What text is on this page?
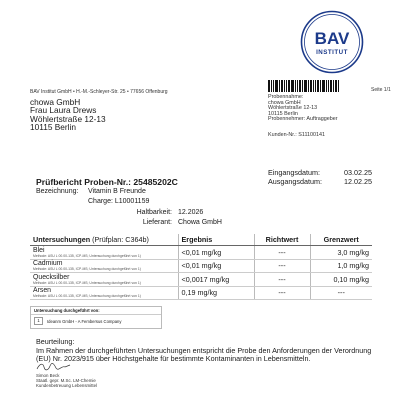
BAV
INSTITUT
BAV Institut GmbH • H.-M.-Schleyer-Str. 25 • 77656 Offenburg	Seite 1/1
chowa GmbH
Frau Laura Drews
Wöhlertstraße 12-13
10115 Berlin
Probennahme:
chowa GmbH
Wöhlertstraße 12-13
10115 Berlin
Probennehmer: Auftraggeber
Kunden-Nr.: S11100141
Eingangsdatum:	03.02.25
Ausgangsdatum:	12.02.25
Prüfbericht Proben-Nr.: 25485202C
Bezeichnung:	Vitamin B Freunde
Charge: L10001159
Haltbarkeit: 12.2026
Lieferant: Chowa GmbH
Untersuchungen (Prüfplan: C364b)	Ergebnis	Richtwert	Grenzwert

Blei
Methode: ASU L 00.00-135, ICP-MS; Untersuchung durchgeführt von 1)	<0,01 mg/kg	---	3,0 mg/kg

Cadmium
Methode: ASU L 00.00-135, ICP-MS; Untersuchung durchgeführt von 1)	<0,01 mg/kg	---	1,0 mg/kg

Quecksilber
Methode: ASU L 00.00-135, ICP-MS; Untersuchung durchgeführt von 1)	<0,0017 mg/kg	---	0,10 mg/kg

Arsen
Methode: ASU L 00.00-135, ICP-MS; Untersuchung durchgeführt von 1)	0,19 mg/kg	---	---
Untersuchung durchgeführt von:
1	Ideanm GmbH - A Fembersus Company
Beurteilung:
Im Rahmen der durchgeführten Untersuchungen entspricht die Probe den Anforderungen der Verordnung (EU) Nr. 2023/915 über Höchstgehalte für bestimmte Kontaminanten in Lebensmitteln.
Simon Beck
Staatl. gepr. M.Sc. LM-Chemie
Kundenbetreuung Lebensmittel
